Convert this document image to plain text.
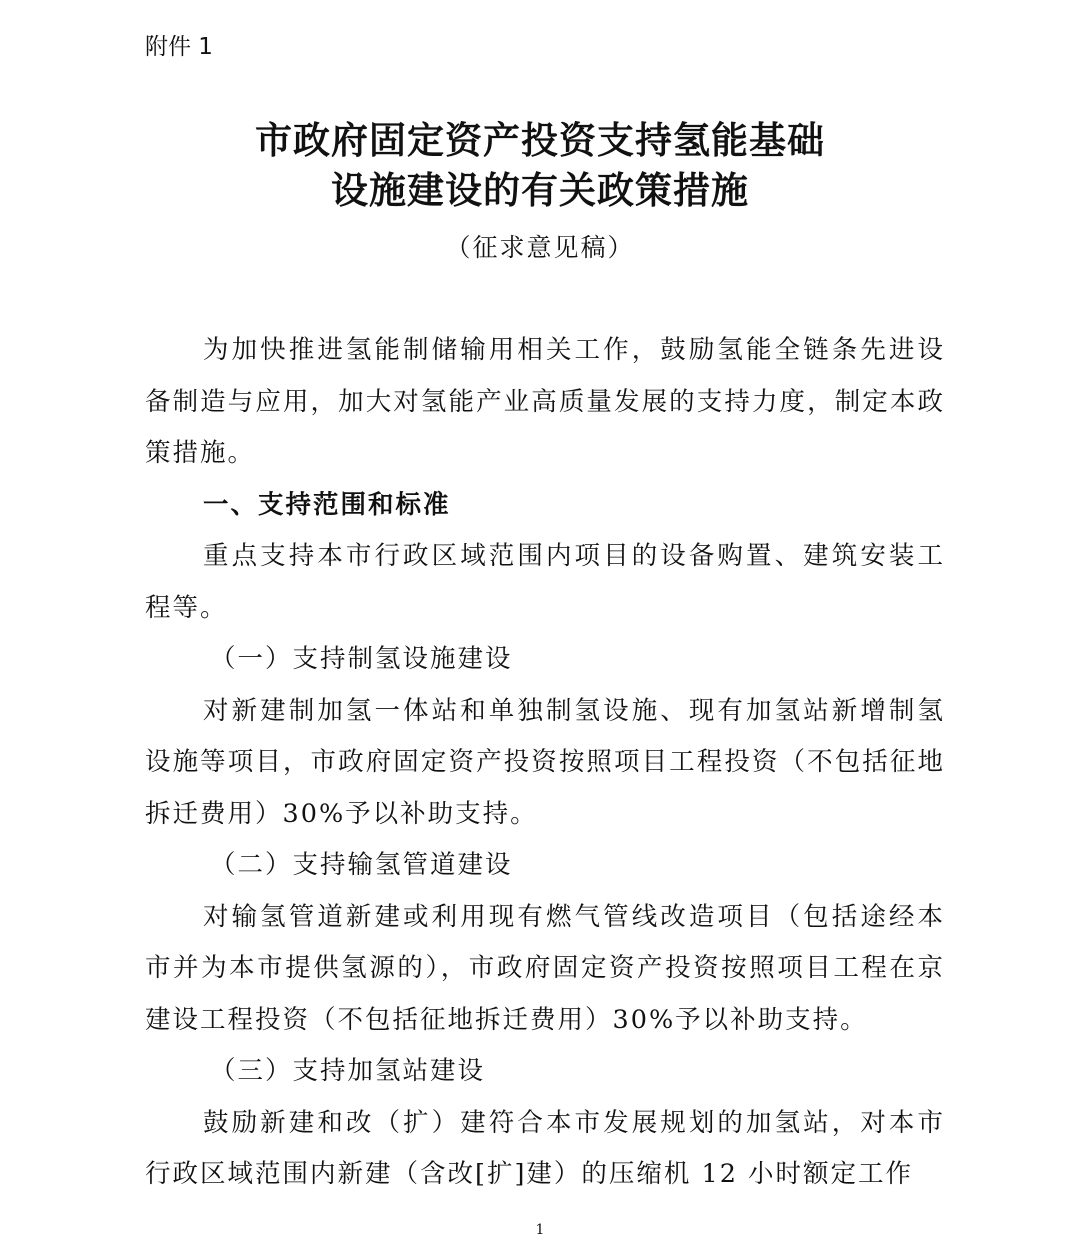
附件 1
市政府固定资产投资支持氢能基础
设施建设的有关政策措施
（征求意见稿）

为加快推进氢能制储输用相关工作，鼓励氢能全链条先进设备制造与应用，加大对氢能产业高质量发展的支持力度，制定本政策措施。

一、支持范围和标准

重点支持本市行政区域范围内项目的设备购置、建筑安装工程等。

（一）支持制氢设施建设

对新建制加氢一体站和单独制氢设施、现有加氢站新增制氢设施等项目，市政府固定资产投资按照项目工程投资（不包括征地拆迁费用）30%予以补助支持。

（二）支持输氢管道建设

对输氢管道新建或利用现有燃气管线改造项目（包括途经本市并为本市提供氢源的），市政府固定资产投资按照项目工程在京建设工程投资（不包括征地拆迁费用）30%予以补助支持。

（三）支持加氢站建设

鼓励新建和改（扩）建符合本市发展规划的加氢站，对本市行政区域范围内新建（含改[扩]建）的压缩机 12 小时额定工作

1
